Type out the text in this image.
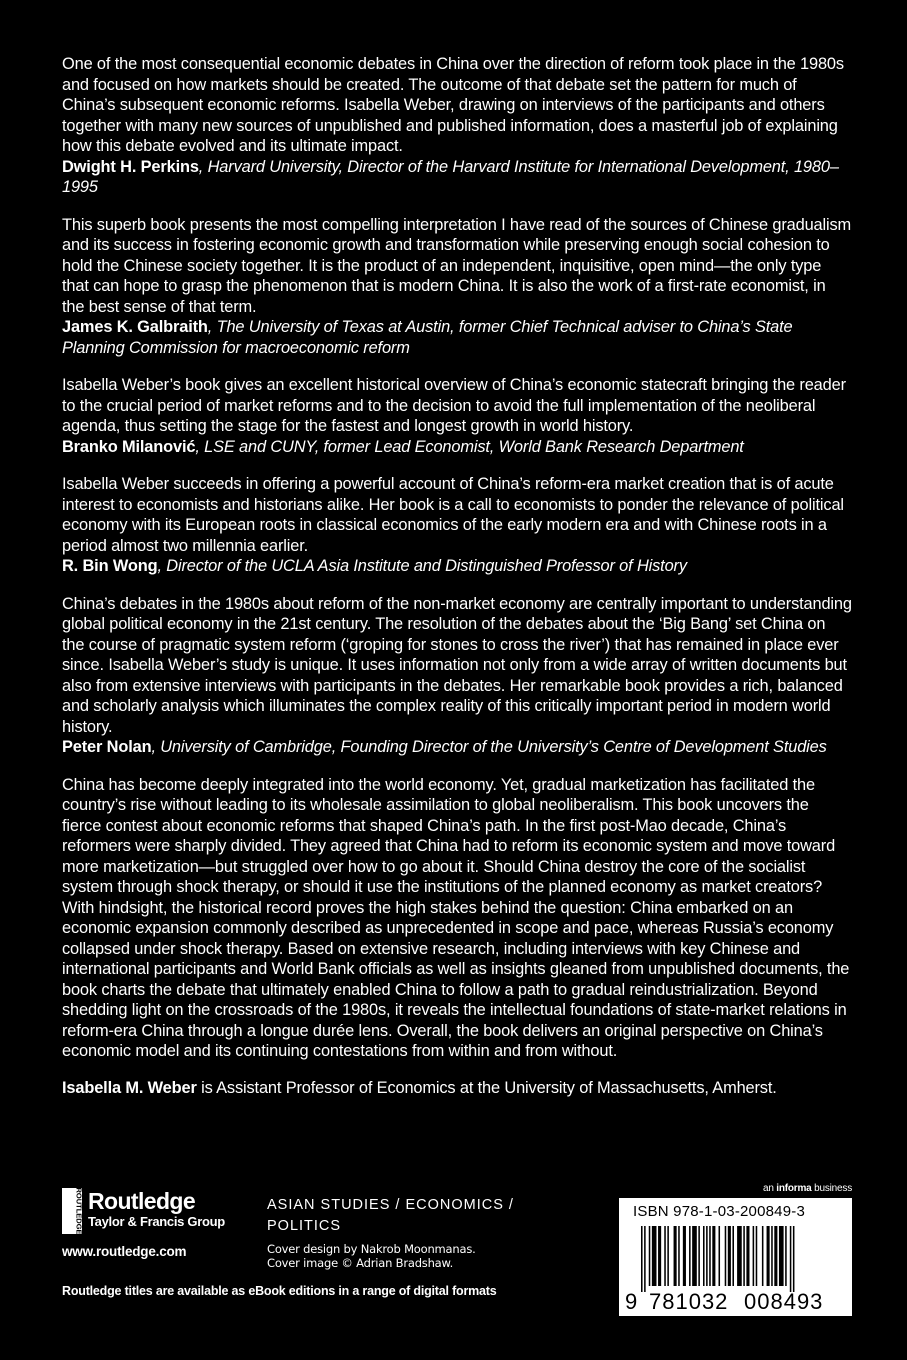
One of the most consequential economic debates in China over the direction of reform took place in the 1980s and focused on how markets should be created. The outcome of that debate set the pattern for much of China’s subsequent economic reforms. Isabella Weber, drawing on interviews of the participants and others together with many new sources of unpublished and published information, does a masterful job of explaining how this debate evolved and its ultimate impact.

Dwight H. Perkins, Harvard University, Director of the Harvard Institute for International Development, 1980–1995

This superb book presents the most compelling interpretation I have read of the sources of Chinese gradualism and its success in fostering economic growth and transformation while preserving enough social cohesion to hold the Chinese society together. It is the product of an independent, inquisitive, open mind—the only type that can hope to grasp the phenomenon that is modern China. It is also the work of a first-rate economist, in the best sense of that term.

James K. Galbraith, The University of Texas at Austin, former Chief Technical adviser to China’s State Planning Commission for macroeconomic reform

Isabella Weber’s book gives an excellent historical overview of China’s economic statecraft bringing the reader to the crucial period of market reforms and to the decision to avoid the full implementation of the neoliberal agenda, thus setting the stage for the fastest and longest growth in world history.

Branko Milanović, LSE and CUNY, former Lead Economist, World Bank Research Department

Isabella Weber succeeds in offering a powerful account of China’s reform-era market creation that is of acute interest to economists and historians alike. Her book is a call to economists to ponder the relevance of political economy with its European roots in classical economics of the early modern era and with Chinese roots in a period almost two millennia earlier.

R. Bin Wong, Director of the UCLA Asia Institute and Distinguished Professor of History

China’s debates in the 1980s about reform of the non-market economy are centrally important to understanding global political economy in the 21st century. The resolution of the debates about the ‘Big Bang’ set China on the course of pragmatic system reform (‘groping for stones to cross the river’) that has remained in place ever since. Isabella Weber’s study is unique. It uses information not only from a wide array of written documents but also from extensive interviews with participants in the debates. Her remarkable book provides a rich, balanced and scholarly analysis which illuminates the complex reality of this critically important period in modern world history.

Peter Nolan, University of Cambridge, Founding Director of the University’s Centre of Development Studies

China has become deeply integrated into the world economy. Yet, gradual marketization has facilitated the country’s rise without leading to its wholesale assimilation to global neoliberalism. This book uncovers the fierce contest about economic reforms that shaped China’s path. In the first post-Mao decade, China’s reformers were sharply divided. They agreed that China had to reform its economic system and move toward more marketization—but struggled over how to go about it. Should China destroy the core of the socialist system through shock therapy, or should it use the institutions of the planned economy as market creators? With hindsight, the historical record proves the high stakes behind the question: China embarked on an economic expansion commonly described as unprecedented in scope and pace, whereas Russia’s economy collapsed under shock therapy. Based on extensive research, including interviews with key Chinese and international participants and World Bank officials as well as insights gleaned from unpublished documents, the book charts the debate that ultimately enabled China to follow a path to gradual reindustrialization. Beyond shedding light on the crossroads of the 1980s, it reveals the intellectual foundations of state-market relations in reform-era China through a longue durée lens. Overall, the book delivers an original perspective on China’s economic model and its continuing contestations from within and from without.

Isabella M. Weber is Assistant Professor of Economics at the University of Massachusetts, Amherst.

ROUTLEDGE Routledge
Taylor & Francis Group
www.routledge.com
Routledge titles are available as eBook editions in a range of digital formats
ASIAN STUDIES / ECONOMICS /
POLITICS
Cover design by Nakrob Moonmanas.
Cover image © Adrian Bradshaw.
an informa business
ISBN 978-1-03-200849-3
9 781032 008493
